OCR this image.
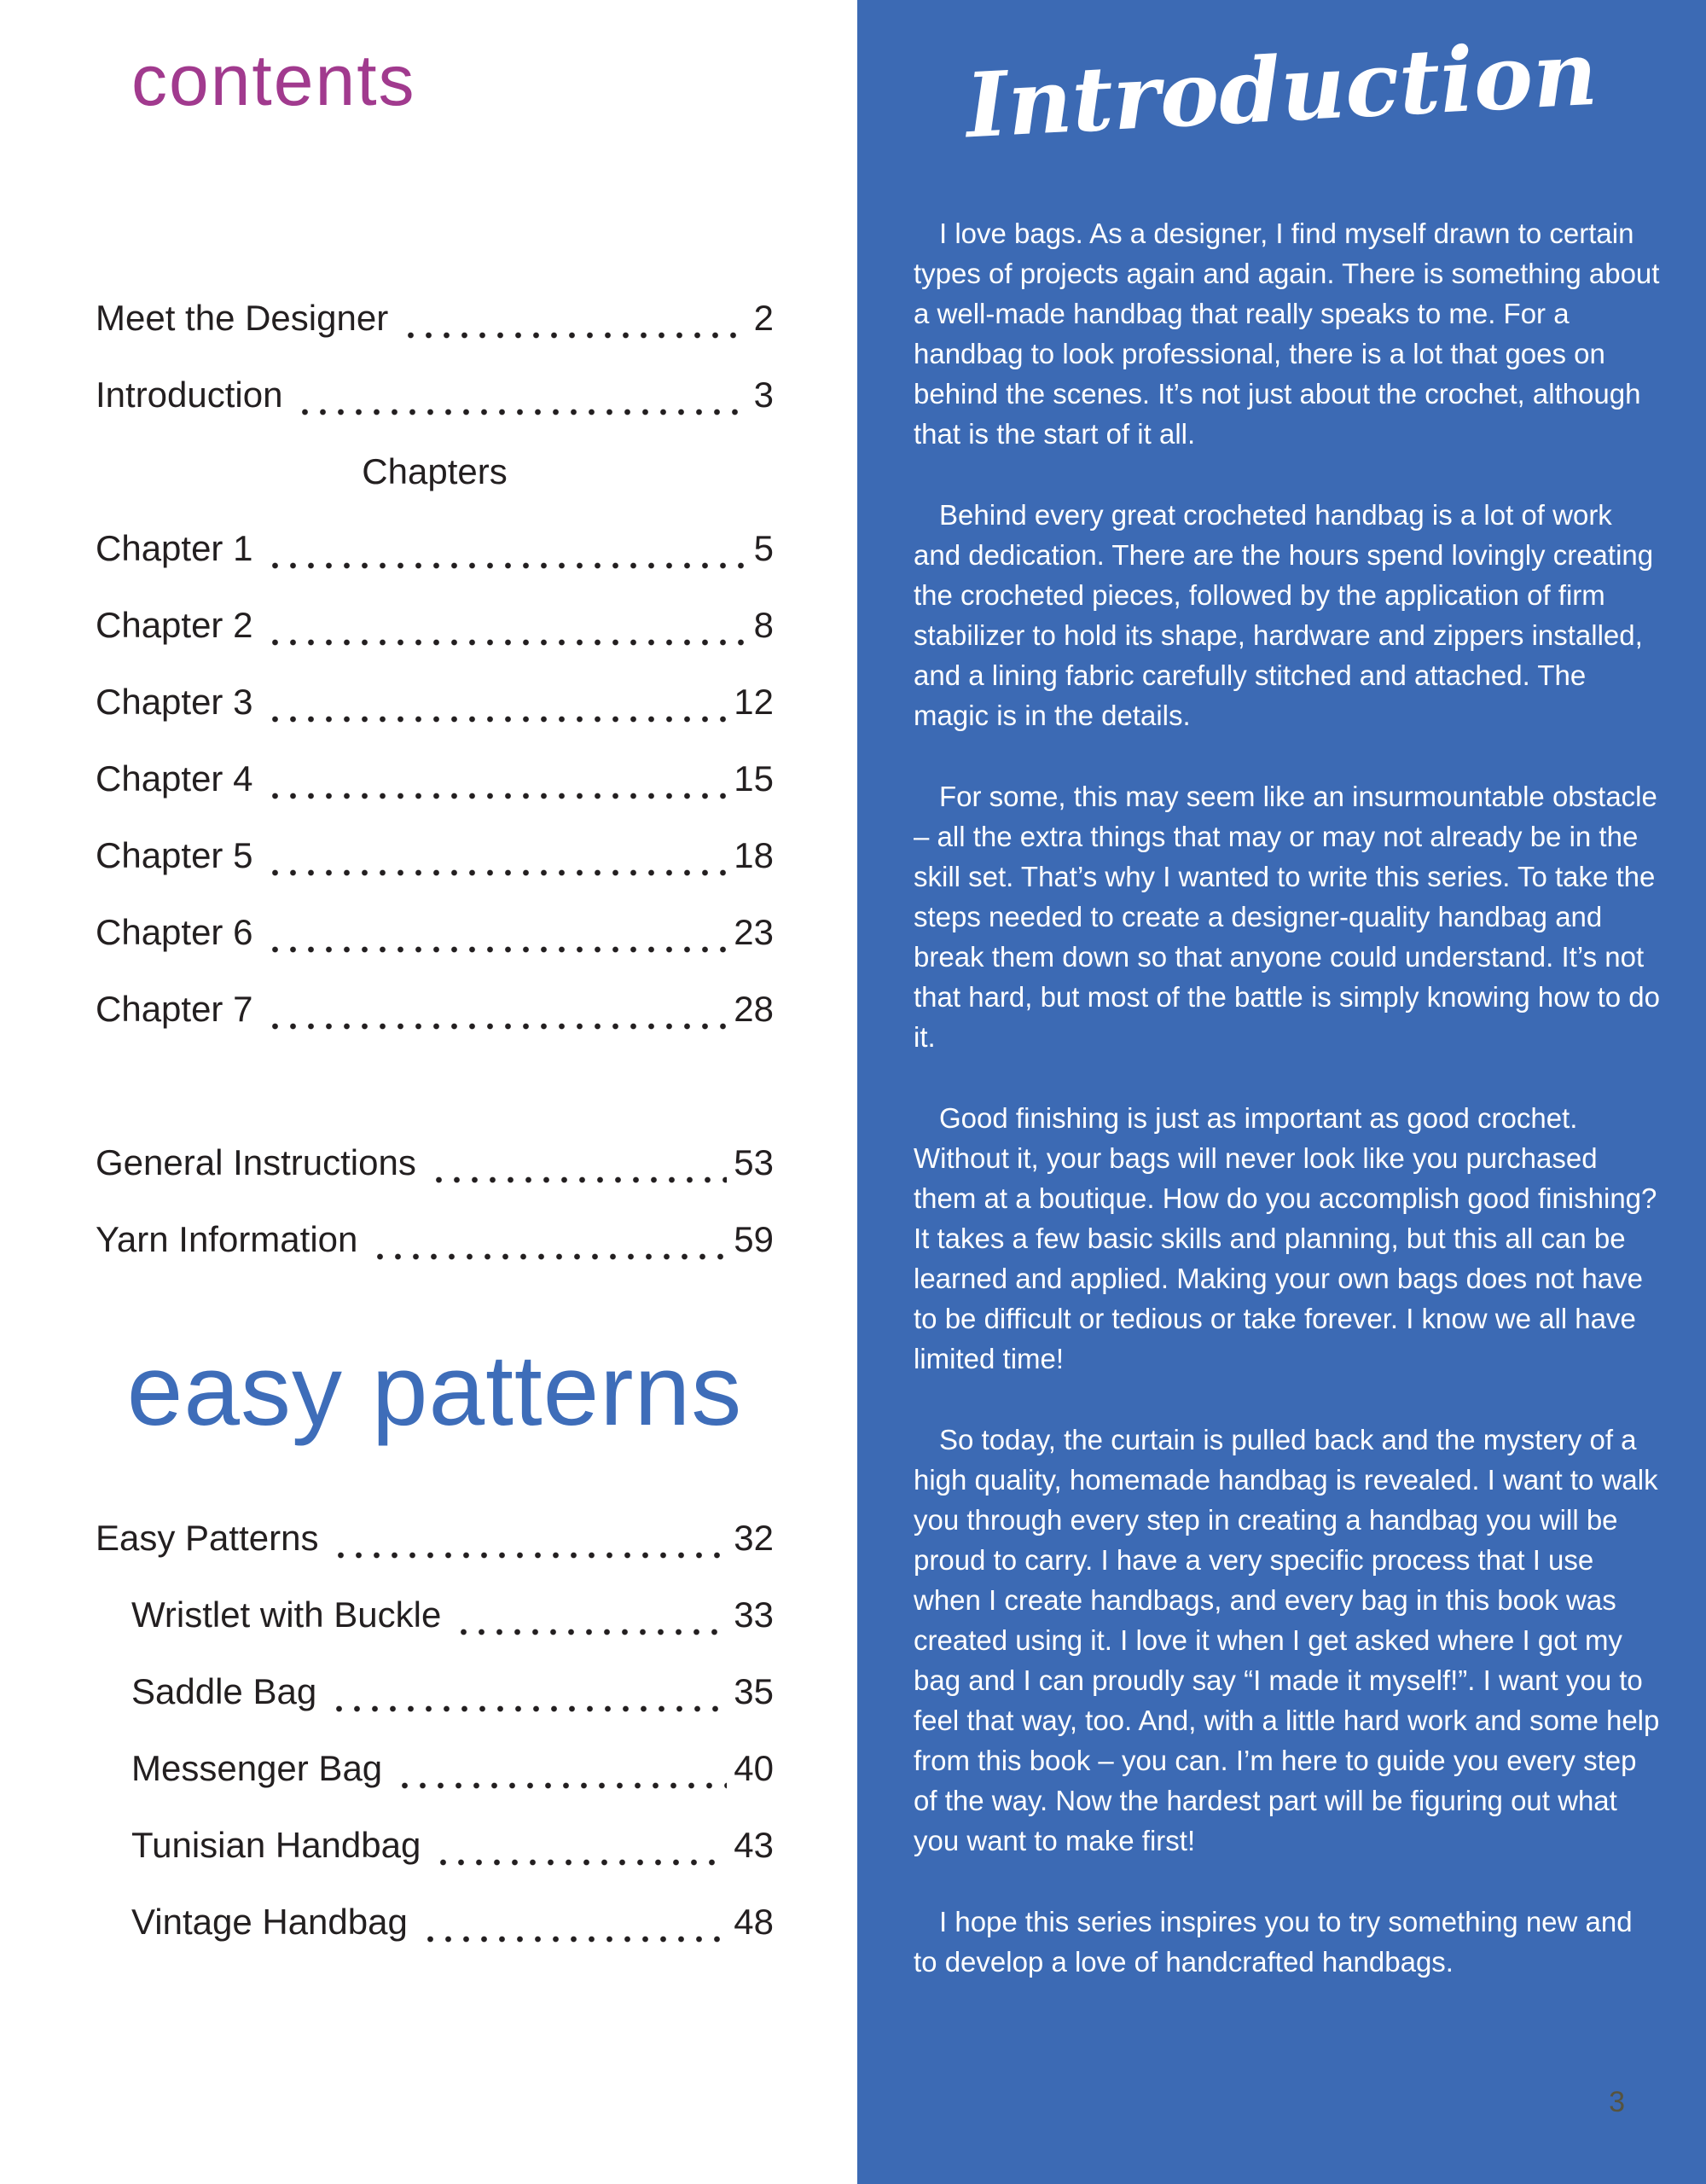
contents
Meet the Designer	2
Introduction	3
Chapters
Chapter 1	5
Chapter 2	8
Chapter 3	12
Chapter 4	15
Chapter 5	18
Chapter 6	23
Chapter 7	28
General Instructions	53
Yarn Information	59
easy patterns
Easy Patterns	32
Wristlet with Buckle	33
Saddle Bag	35
Messenger Bag	40
Tunisian Handbag	43
Vintage Handbag	48
Introduction

I love bags. As a designer, I find myself drawn to certain types of projects again and again. There is something about a well-made handbag that really speaks to me. For a handbag to look professional, there is a lot that goes on behind the scenes. It’s not just about the crochet, although that is the start of it all.

Behind every great crocheted handbag is a lot of work and dedication. There are the hours spend lovingly creating the crocheted pieces, followed by the application of firm stabilizer to hold its shape, hardware and zippers installed, and a lining fabric carefully stitched and attached. The magic is in the details.

For some, this may seem like an insurmountable obstacle – all the extra things that may or may not already be in the skill set. That’s why I wanted to write this series. To take the steps needed to create a designer-quality handbag and break them down so that anyone could understand. It’s not that hard, but most of the battle is simply knowing how to do it.

Good finishing is just as important as good crochet. Without it, your bags will never look like you purchased them at a boutique. How do you accomplish good finishing? It takes a few basic skills and planning, but this all can be learned and applied. Making your own bags does not have to be difficult or tedious or take forever. I know we all have limited time!

So today, the curtain is pulled back and the mystery of a high quality, homemade handbag is revealed. I want to walk you through every step in creating a handbag you will be proud to carry. I have a very specific process that I use when I create handbags, and every bag in this book was created using it. I love it when I get asked where I got my bag and I can proudly say “I made it myself!”. I want you to feel that way, too. And, with a little hard work and some help from this book – you can. I’m here to guide you every step of the way. Now the hardest part will be figuring out what you want to make first!

I hope this series inspires you to try something new and to develop a love of handcrafted handbags.

3
